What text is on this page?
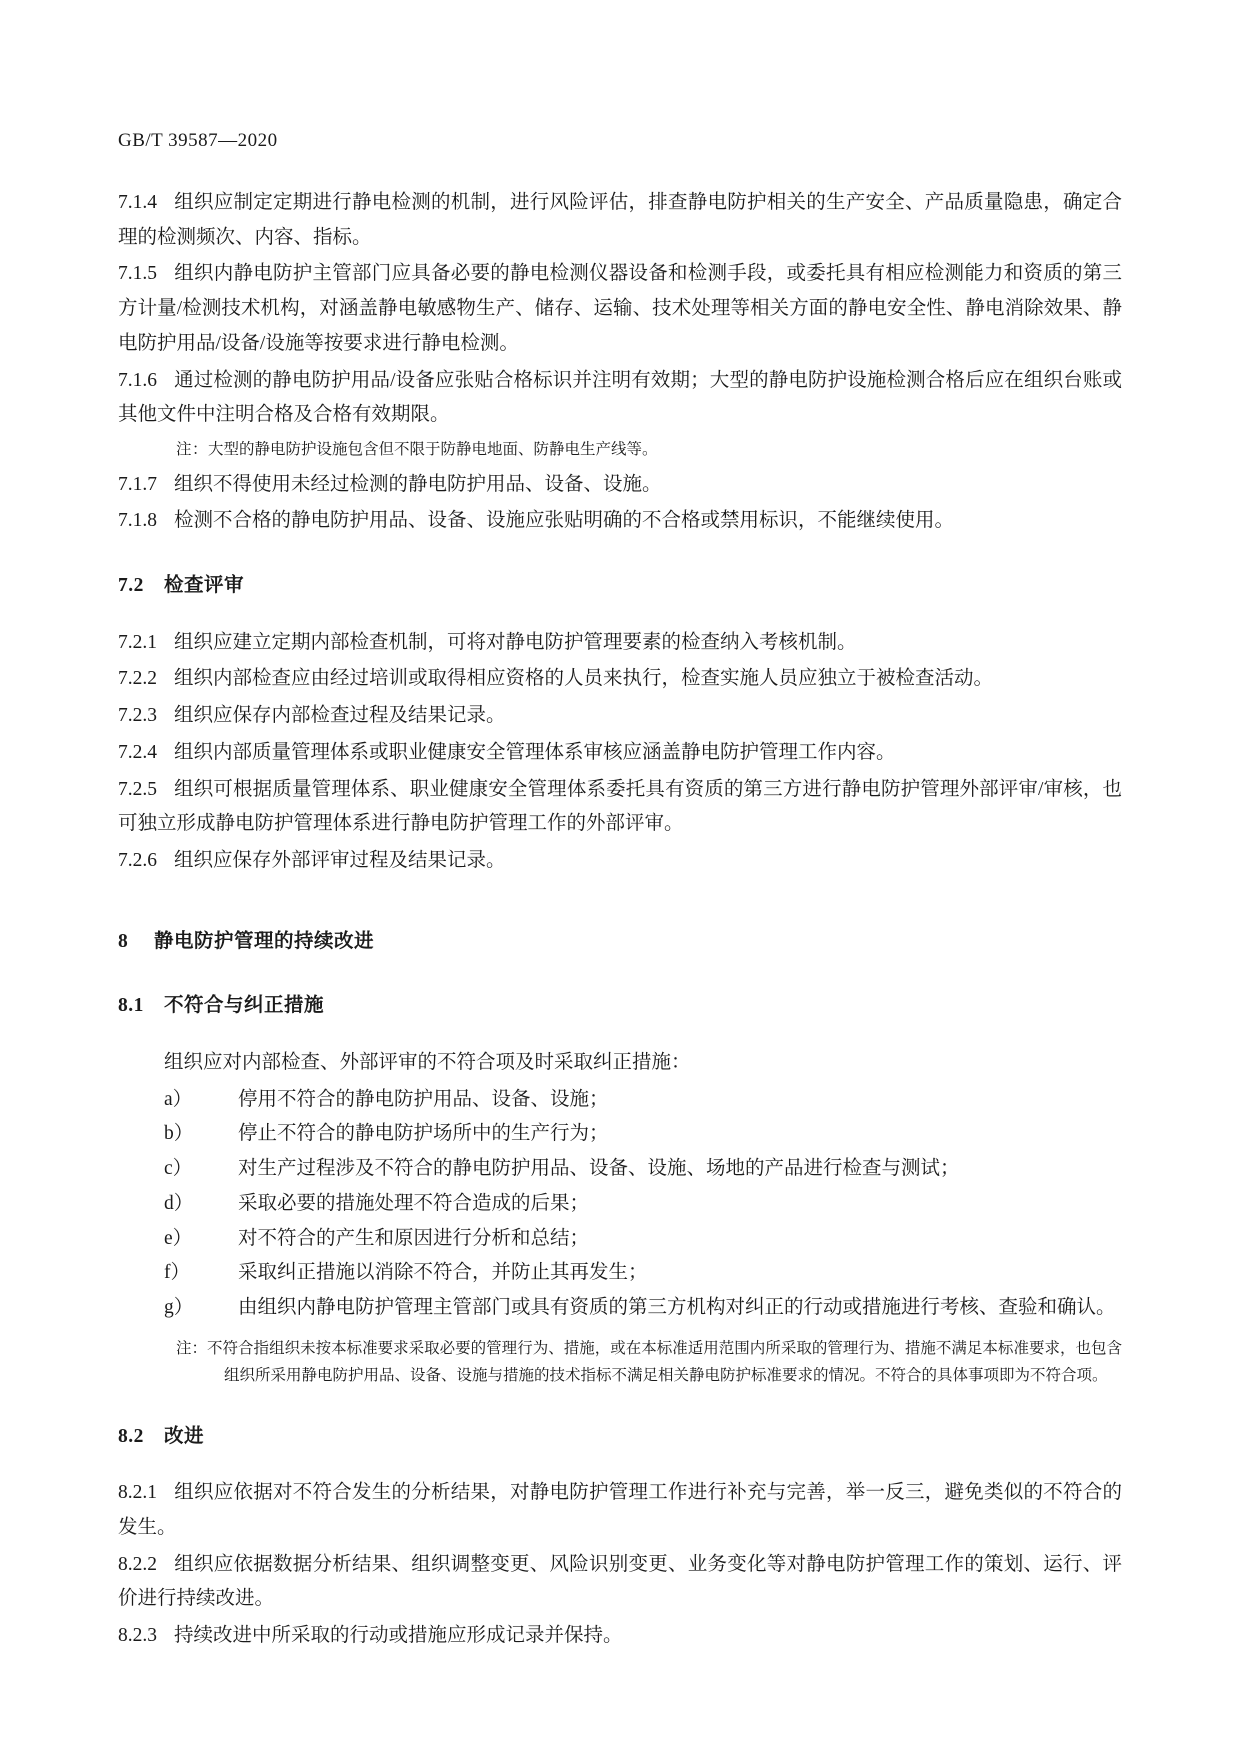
GB/T 39587—2020

7.1.4 组织应制定定期进行静电检测的机制，进行风险评估，排查静电防护相关的生产安全、产品质量隐患，确定合理的检测频次、内容、指标。

7.1.5 组织内静电防护主管部门应具备必要的静电检测仪器设备和检测手段，或委托具有相应检测能力和资质的第三方计量/检测技术机构，对涵盖静电敏感物生产、储存、运输、技术处理等相关方面的静电安全性、静电消除效果、静电防护用品/设备/设施等按要求进行静电检测。

7.1.6 通过检测的静电防护用品/设备应张贴合格标识并注明有效期；大型的静电防护设施检测合格后应在组织台账或其他文件中注明合格及合格有效期限。

注：大型的静电防护设施包含但不限于防静电地面、防静电生产线等。

7.1.7 组织不得使用未经过检测的静电防护用品、设备、设施。

7.1.8 检测不合格的静电防护用品、设备、设施应张贴明确的不合格或禁用标识，不能继续使用。

7.2 检查评审

7.2.1 组织应建立定期内部检查机制，可将对静电防护管理要素的检查纳入考核机制。

7.2.2 组织内部检查应由经过培训或取得相应资格的人员来执行，检查实施人员应独立于被检查活动。

7.2.3 组织应保存内部检查过程及结果记录。

7.2.4 组织内部质量管理体系或职业健康安全管理体系审核应涵盖静电防护管理工作内容。

7.2.5 组织可根据质量管理体系、职业健康安全管理体系委托具有资质的第三方进行静电防护管理外部评审/审核，也可独立形成静电防护管理体系进行静电防护管理工作的外部评审。

7.2.6 组织应保存外部评审过程及结果记录。

8 静电防护管理的持续改进
8.1 不符合与纠正措施

组织应对内部检查、外部评审的不符合项及时采取纠正措施：

a） 停用不符合的静电防护用品、设备、设施；
b） 停止不符合的静电防护场所中的生产行为；
c） 对生产过程涉及不符合的静电防护用品、设备、设施、场地的产品进行检查与测试；
d） 采取必要的措施处理不符合造成的后果；
e） 对不符合的产生和原因进行分析和总结；
f） 采取纠正措施以消除不符合，并防止其再发生；
g） 由组织内静电防护管理主管部门或具有资质的第三方机构对纠正的行动或措施进行考核、查验和确认。
注：不符合指组织未按本标准要求采取必要的管理行为、措施，或在本标准适用范围内所采取的管理行为、措施不满足本标准要求，也包含组织所采用静电防护用品、设备、设施与措施的技术指标不满足相关静电防护标准要求的情况。不符合的具体事项即为不符合项。
8.2 改进

8.2.1 组织应依据对不符合发生的分析结果，对静电防护管理工作进行补充与完善，举一反三，避免类似的不符合的发生。

8.2.2 组织应依据数据分析结果、组织调整变更、风险识别变更、业务变化等对静电防护管理工作的策划、运行、评价进行持续改进。

8.2.3 持续改进中所采取的行动或措施应形成记录并保持。
